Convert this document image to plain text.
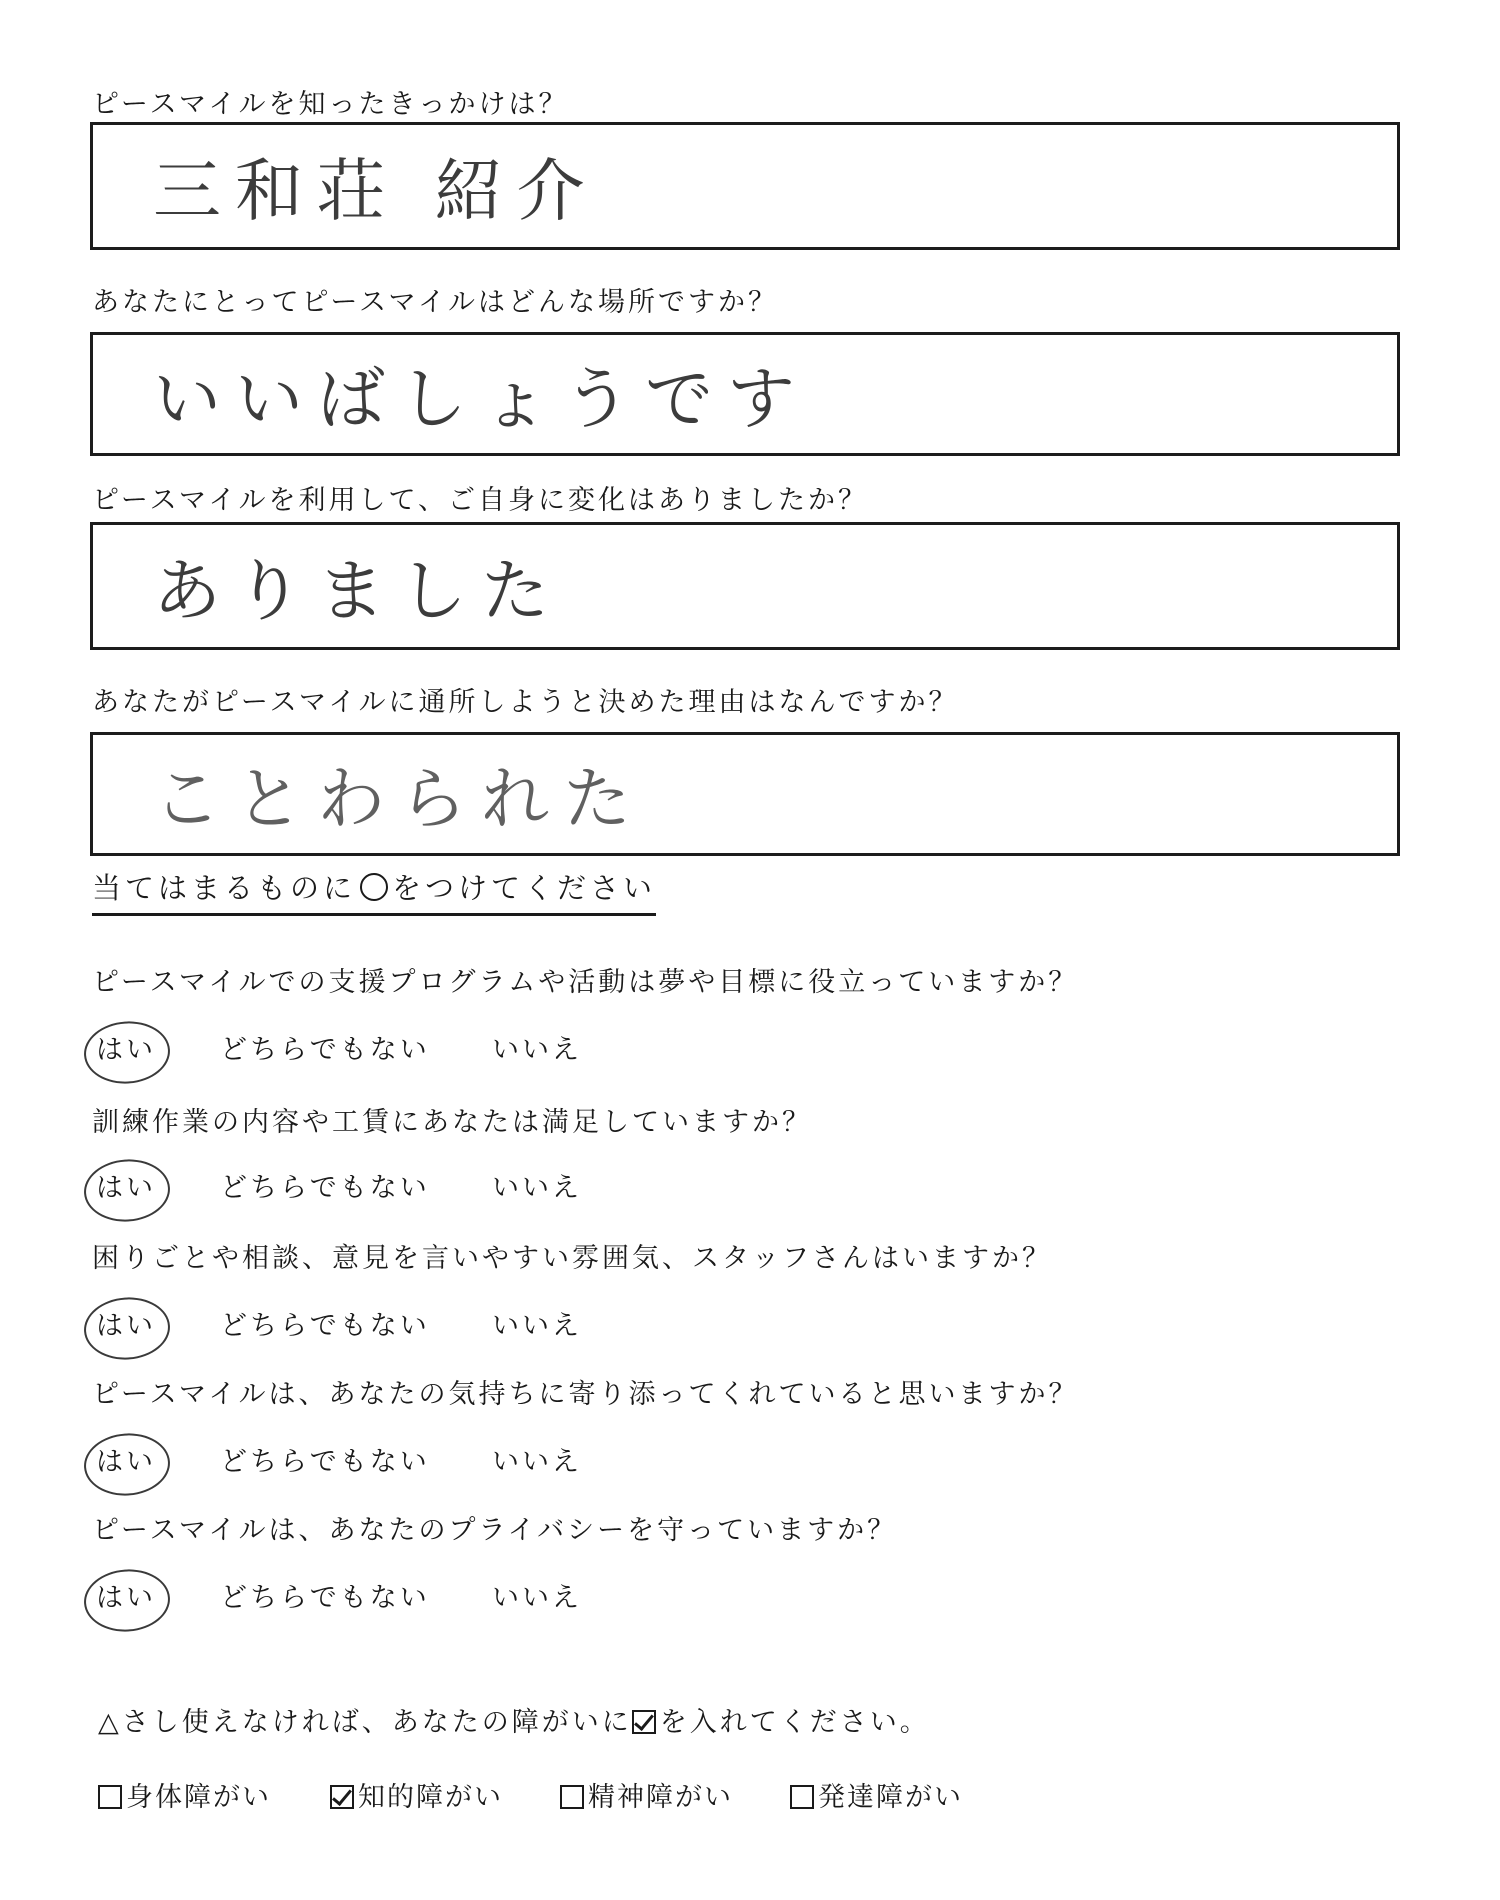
ピースマイルを知ったきっかけは？
三和荘 紹介
あなたにとってピースマイルはどんな場所ですか？
いいばしょうです
ピースマイルを利用して、ご自身に変化はありましたか？
ありました
あなたがピースマイルに通所しようと決めた理由はなんですか？
ことわられた
当てはまるものに ○ をつけてください
ピースマイルでの支援プログラムや活動は夢や目標に役立っていますか？
はい どちらでもない いいえ
訓練作業の内容や工賃にあなたは満足していますか？
はい どちらでもない いいえ
困りごとや相談、意見を言いやすい雰囲気、スタッフさんはいますか？
はい どちらでもない いいえ
ピースマイルは、あなたの気持ちに寄り添ってくれていると思いますか？
はい どちらでもない いいえ
ピースマイルは、あなたのプライバシーを守っていますか？
はい どちらでもない いいえ
△さし使えなければ、あなたの障がいに を入れてください。
身体障がい	知的障がい	精神障がい	発達障がい
